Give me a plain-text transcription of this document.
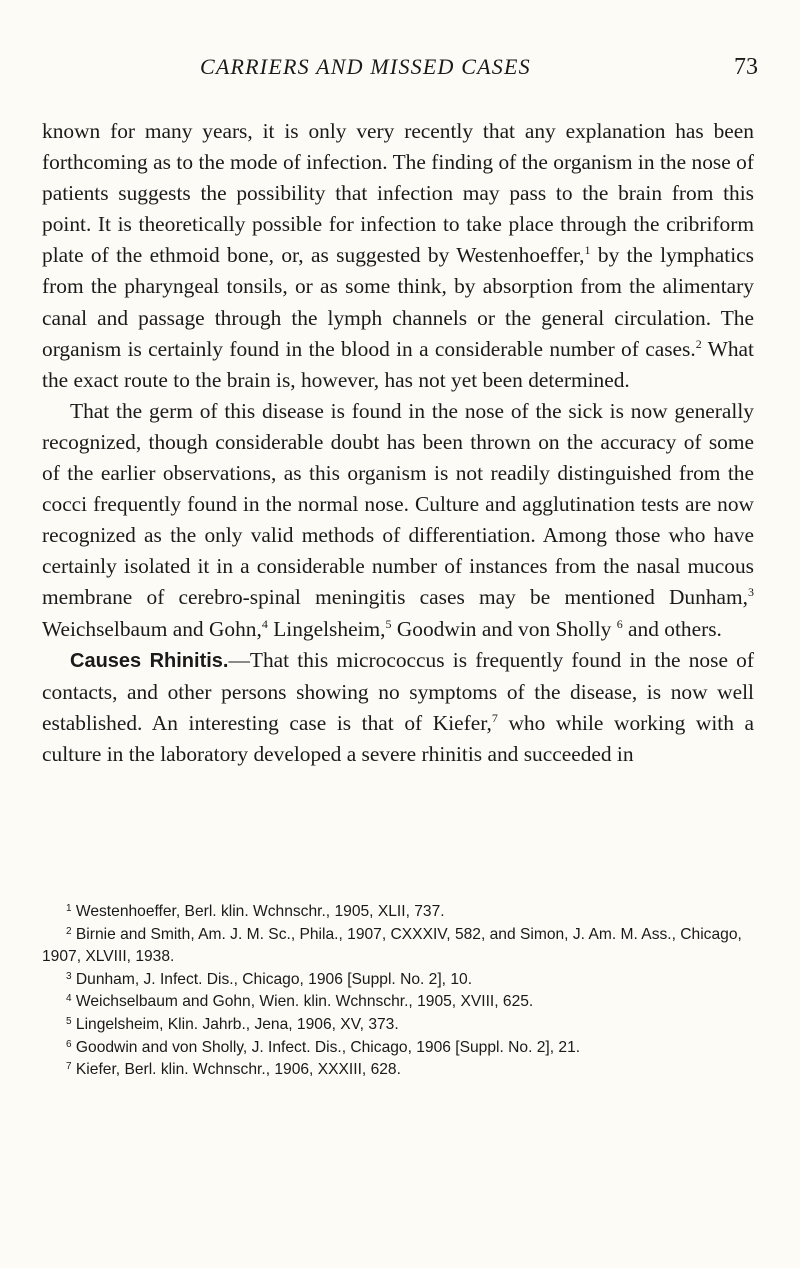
CARRIERS AND MISSED CASES	73

known for many years, it is only very recently that any explanation has been forthcoming as to the mode of infection. The finding of the organism in the nose of patients suggests the possibility that infection may pass to the brain from this point. It is theoretically possible for infection to take place through the cribriform plate of the ethmoid bone, or, as suggested by Westenhoeffer,$^1$ by the lymphatics from the pharyngeal tonsils, or as some think, by absorption from the alimentary canal and passage through the lymph channels or the general circulation. The organism is certainly found in the blood in a considerable number of cases.$^2$ What the exact route to the brain is, however, has not yet been determined.

That the germ of this disease is found in the nose of the sick is now generally recognized, though considerable doubt has been thrown on the accuracy of some of the earlier observations, as this organism is not readily distinguished from the cocci frequently found in the normal nose. Culture and agglutination tests are now recognized as the only valid methods of differentiation. Among those who have certainly isolated it in a considerable number of instances from the nasal mucous membrane of cerebro-spinal meningitis cases may be mentioned Dunham,$^3$ Weichselbaum and Gohn,$^4$ Lingelsheim,$^5$ Goodwin and von Sholly $^6$ and others.

Causes Rhinitis.—That this micrococcus is frequently found in the nose of contacts, and other persons showing no symptoms of the disease, is now well established. An interesting case is that of Kiefer,$^7$ who while working with a culture in the laboratory developed a severe rhinitis and succeeded in

$^1$ Westenhoeffer, Berl. klin. Wchnschr., 1905, XLII, 737.

$^2$ Birnie and Smith, Am. J. M. Sc., Phila., 1907, CXXXIV, 582, and Simon, J. Am. M. Ass., Chicago, 1907, XLVIII, 1938.

$^3$ Dunham, J. Infect. Dis., Chicago, 1906 [Suppl. No. 2], 10.

$^4$ Weichselbaum and Gohn, Wien. klin. Wchnschr., 1905, XVIII, 625.

$^5$ Lingelsheim, Klin. Jahrb., Jena, 1906, XV, 373.

$^6$ Goodwin and von Sholly, J. Infect. Dis., Chicago, 1906 [Suppl. No. 2], 21.

$^7$ Kiefer, Berl. klin. Wchnschr., 1906, XXXIII, 628.
